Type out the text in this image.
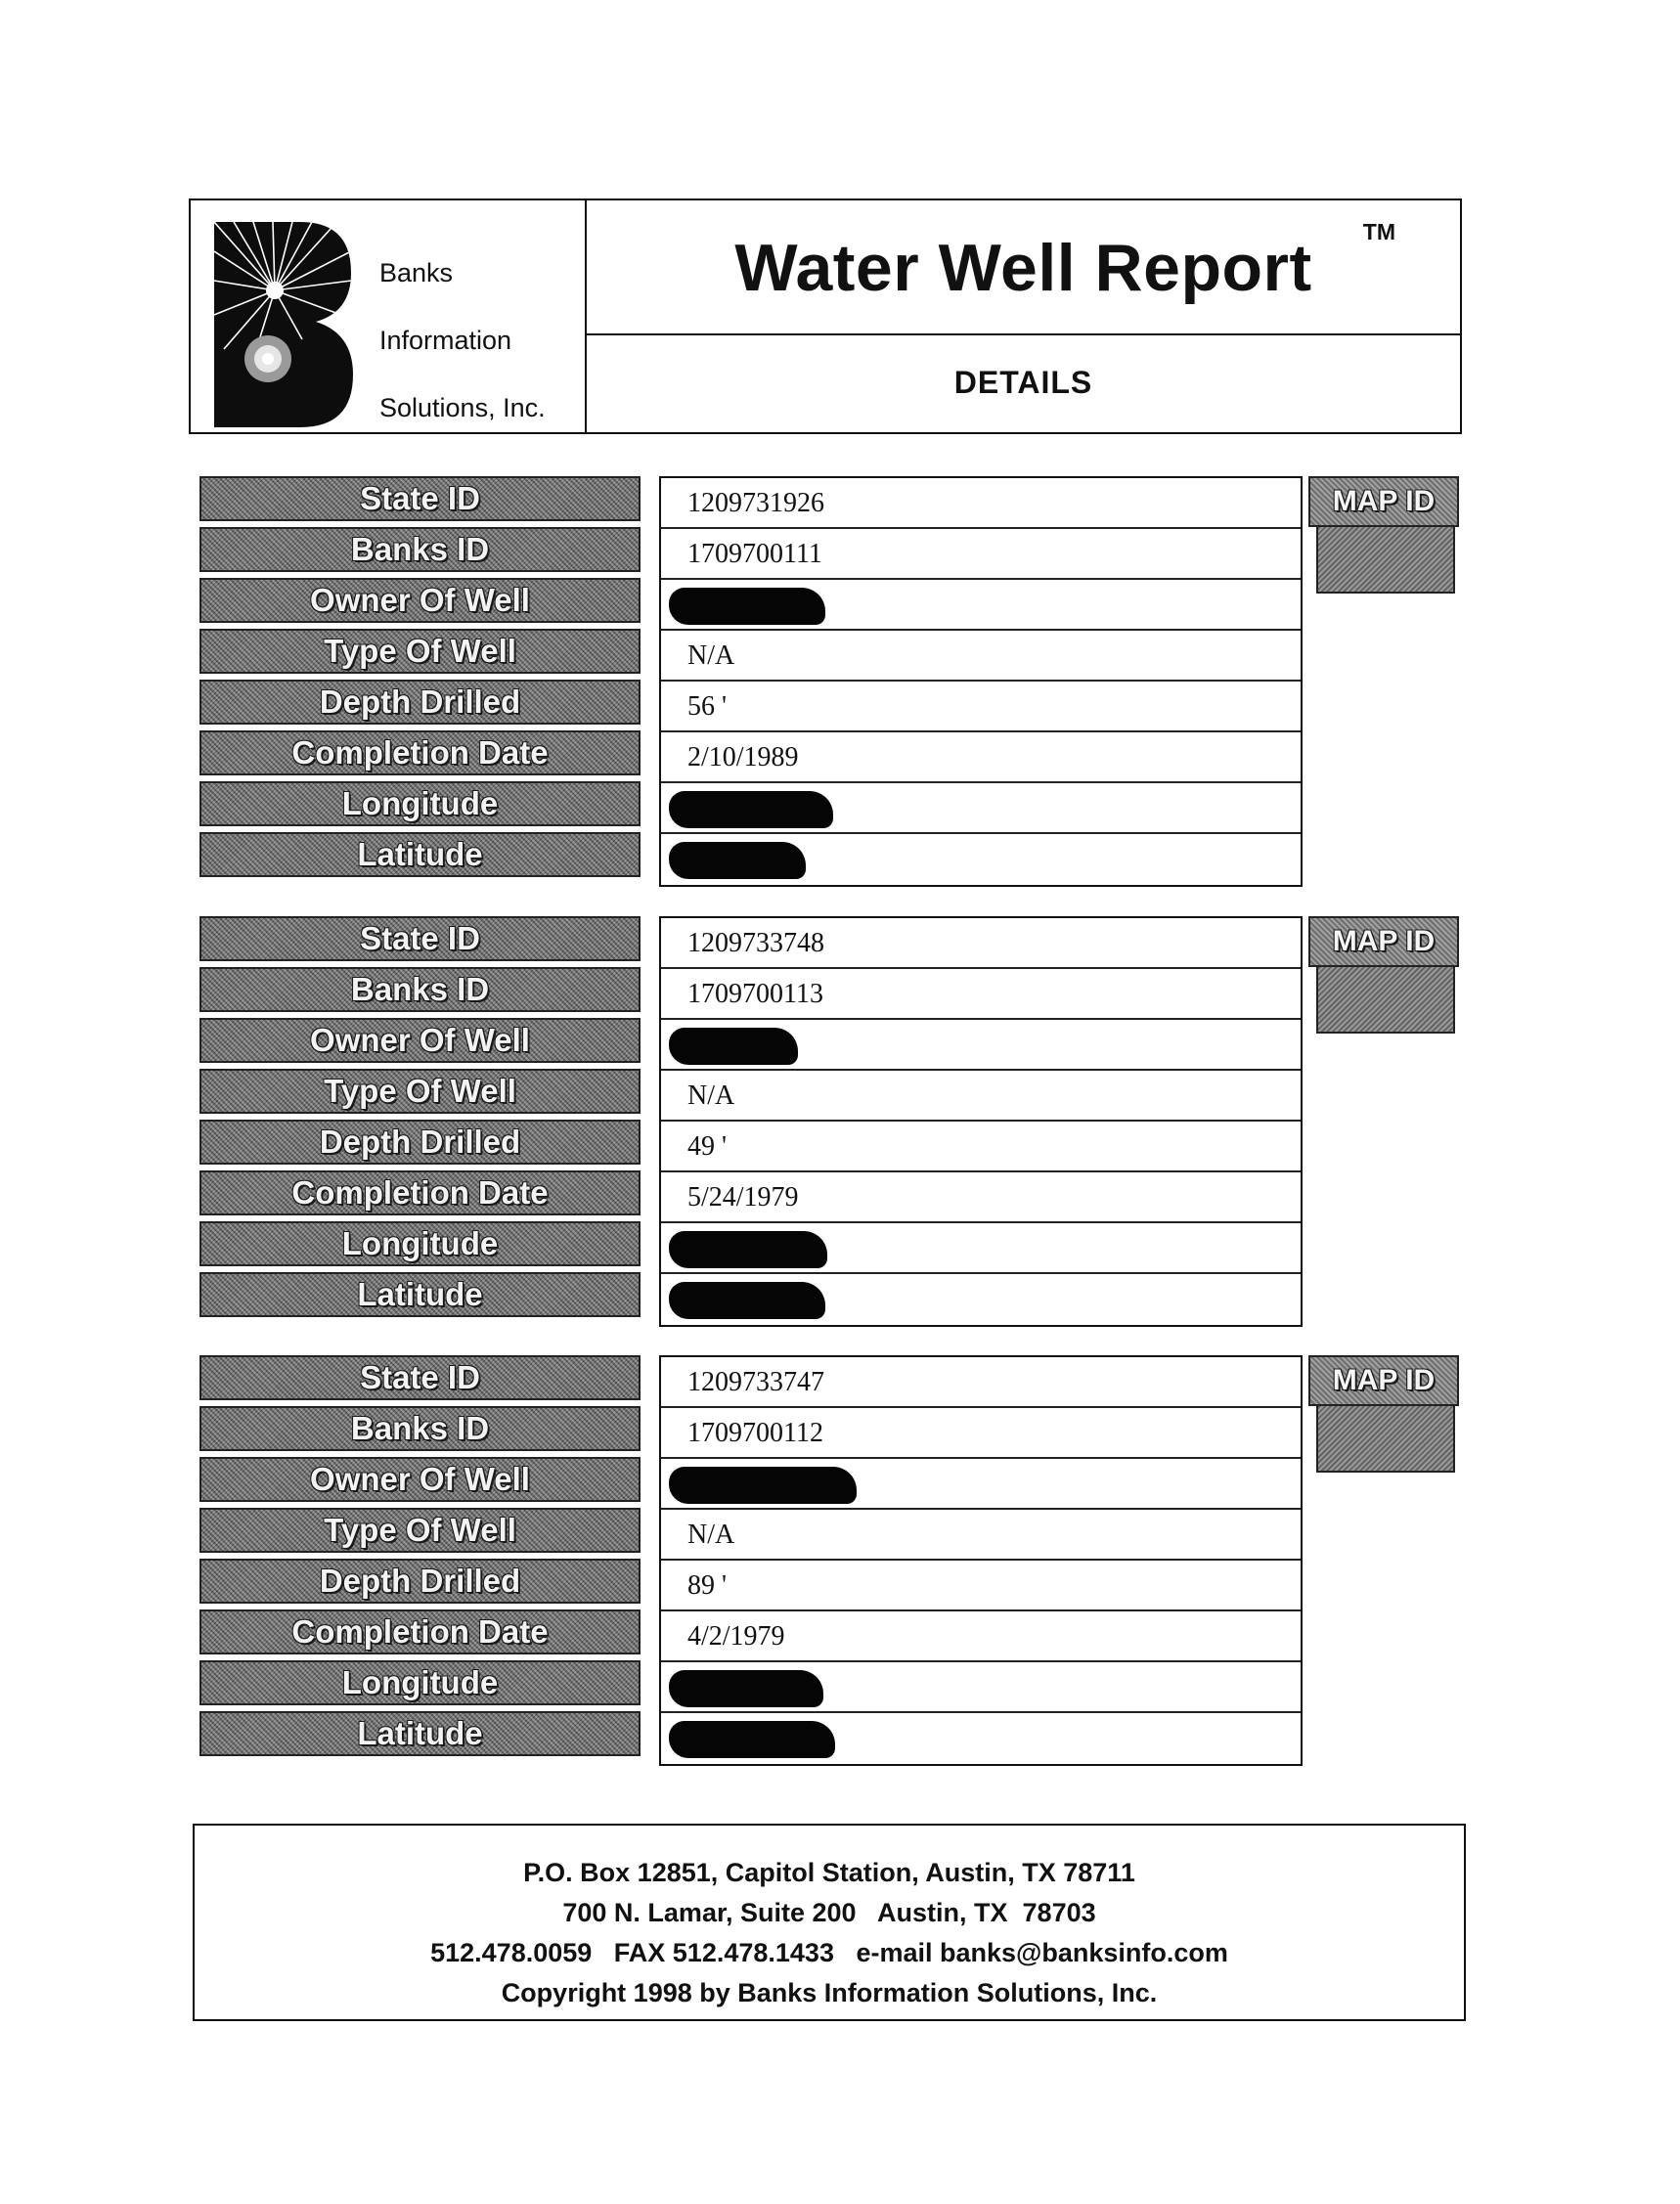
Banks
Information
Solutions, Inc.
Water Well Report	TM
DETAILS
State ID
Banks ID
Owner Of Well
Type Of Well
Depth Drilled
Completion Date
Longitude
Latitude
1209731926
1709700111
N/A
56 '
2/10/1989
MAP ID
State ID
Banks ID
Owner Of Well
Type Of Well
Depth Drilled
Completion Date
Longitude
Latitude
1209733748
1709700113
N/A
49 '
5/24/1979
MAP ID
State ID
Banks ID
Owner Of Well
Type Of Well
Depth Drilled
Completion Date
Longitude
Latitude
1209733747
1709700112
N/A
89 '
4/2/1979
MAP ID
P.O. Box 12851, Capitol Station, Austin, TX 78711
700 N. Lamar, Suite 200   Austin, TX  78703
512.478.0059   FAX 512.478.1433   e-mail banks@banksinfo.com
Copyright 1998 by Banks Information Solutions, Inc.
